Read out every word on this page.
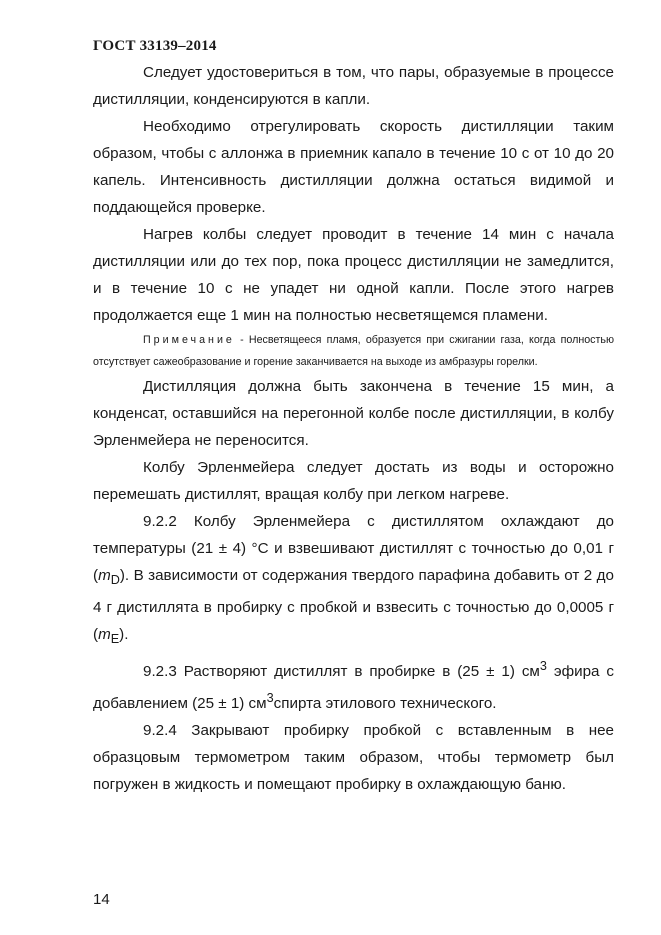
ГОСТ 33139–2014

Следует удостовериться в том, что пары, образуемые в процессе дистилляции, конденсируются в капли.

Необходимо отрегулировать скорость дистилляции таким образом, чтобы с аллонжа в приемник капало в течение 10 с от 10 до 20 капель. Интенсивность дистилляции должна остаться видимой и поддающейся проверке.

Нагрев колбы следует проводит в течение 14 мин с начала дистилляции или до тех пор, пока процесс дистилляции не замедлится, и в течение 10 с не упадет ни одной капли. После этого нагрев продолжается еще 1 мин на полностью несветящемся пламени.

Примечание - Несветящееся пламя, образуется при сжигании газа, когда полностью отсутствует сажеобразование и горение заканчивается на выходе из амбразуры горелки.

Дистилляция должна быть закончена в течение 15 мин, а конденсат, оставшийся на перегонной колбе после дистилляции, в колбу Эрленмейера не переносится.

Колбу Эрленмейера следует достать из воды и осторожно перемешать дистиллят, вращая колбу при легком нагреве.

9.2.2 Колбу Эрленмейера с дистиллятом охлаждают до температуры (21 ± 4) °С и взвешивают дистиллят с точностью до 0,01 г $(m_D)$. В зависимости от содержания твердого парафина добавить от 2 до 4 г дистиллята в пробирку с пробкой и взвесить с точностью до 0,0005 г $(m_E)$.

9.2.3 Растворяют дистиллят в пробирке в (25 ± 1) $см^3$ эфира с добавлением (25 ± 1) $см^3спирта$ этилового технического.

9.2.4 Закрывают пробирку пробкой с вставленным в нее образцовым термометром таким образом, чтобы термометр был погружен в жидкость и помещают пробирку в охлаждающую баню.

14
